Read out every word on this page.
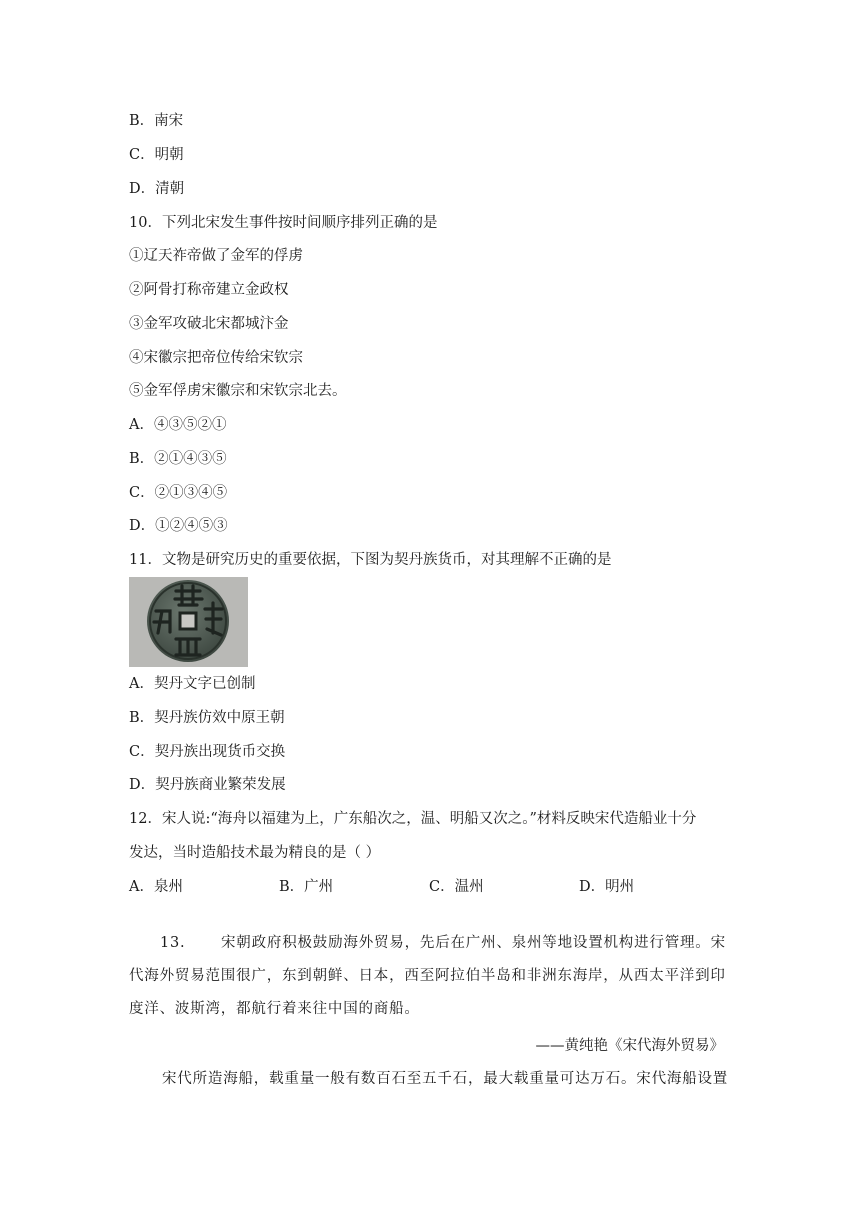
B．南宋
C．明朝
D．清朝
10．下列北宋发生事件按时间顺序排列正确的是
①辽天祚帝做了金军的俘虏
②阿骨打称帝建立金政权
③金军攻破北宋都城汴金
④宋徽宗把帝位传给宋钦宗
⑤金军俘虏宋徽宗和宋钦宗北去。
A．④③⑤②①
B．②①④③⑤
C．②①③④⑤
D．①②④⑤③
11．文物是研究历史的重要依据，下图为契丹族货币，对其理解不正确的是
A．契丹文字已创制
B．契丹族仿效中原王朝
C．契丹族出现货币交换
D．契丹族商业繁荣发展
12．宋人说:“海舟以福建为上，广东船次之，温、明船又次之。”材料反映宋代造船业十分
发达，当时造船技术最为精良的是（ ）
A．泉州	B．广州	C．温州	D．明州
13. 宋朝政府积极鼓励海外贸易，先后在广州、泉州等地设置机构进行管理。宋代海外贸易范围很广，东到朝鲜、日本，西至阿拉伯半岛和非洲东海岸，从西太平洋到印度洋、波斯湾，都航行着来往中国的商船。
——黄纯艳《宋代海外贸易》
宋代所造海船，载重量一般有数百石至五千石，最大载重量可达万石。宋代海船设置
